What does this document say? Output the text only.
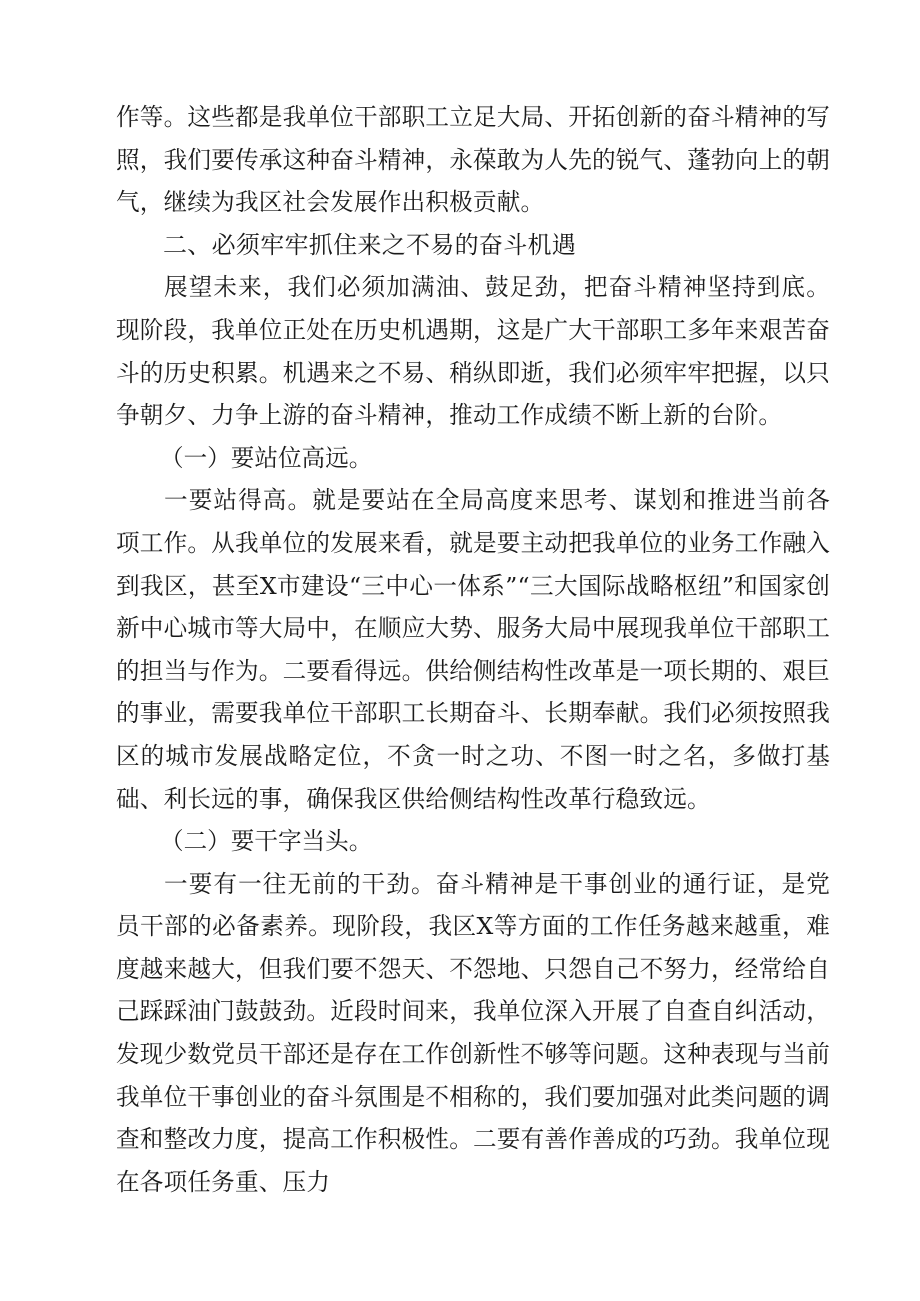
作等。这些都是我单位干部职工立足大局、开拓创新的奋斗精神的写照，我们要传承这种奋斗精神，永葆敢为人先的锐气、蓬勃向上的朝气，继续为我区社会发展作出积极贡献。

二、必须牢牢抓住来之不易的奋斗机遇

展望未来，我们必须加满油、鼓足劲，把奋斗精神坚持到底。现阶段，我单位正处在历史机遇期，这是广大干部职工多年来艰苦奋斗的历史积累。机遇来之不易、稍纵即逝，我们必须牢牢把握，以只争朝夕、力争上游的奋斗精神，推动工作成绩不断上新的台阶。

（一）要站位高远。

一要站得高。就是要站在全局高度来思考、谋划和推进当前各项工作。从我单位的发展来看，就是要主动把我单位的业务工作融入到我区，甚至X市建设“三中心一体系”“三大国际战略枢纽”和国家创新中心城市等大局中，在顺应大势、服务大局中展现我单位干部职工的担当与作为。二要看得远。供给侧结构性改革是一项长期的、艰巨的事业，需要我单位干部职工长期奋斗、长期奉献。我们必须按照我区的城市发展战略定位，不贪一时之功、不图一时之名，多做打基础、利长远的事，确保我区供给侧结构性改革行稳致远。

（二）要干字当头。

一要有一往无前的干劲。奋斗精神是干事创业的通行证，是党员干部的必备素养。现阶段，我区X等方面的工作任务越来越重，难度越来越大，但我们要不怨天、不怨地、只怨自己不努力，经常给自己踩踩油门鼓鼓劲。近段时间来，我单位深入开展了自查自纠活动，发现少数党员干部还是存在工作创新性不够等问题。这种表现与当前我单位干事创业的奋斗氛围是不相称的，我们要加强对此类问题的调查和整改力度，提高工作积极性。二要有善作善成的巧劲。我单位现在各项任务重、压力
